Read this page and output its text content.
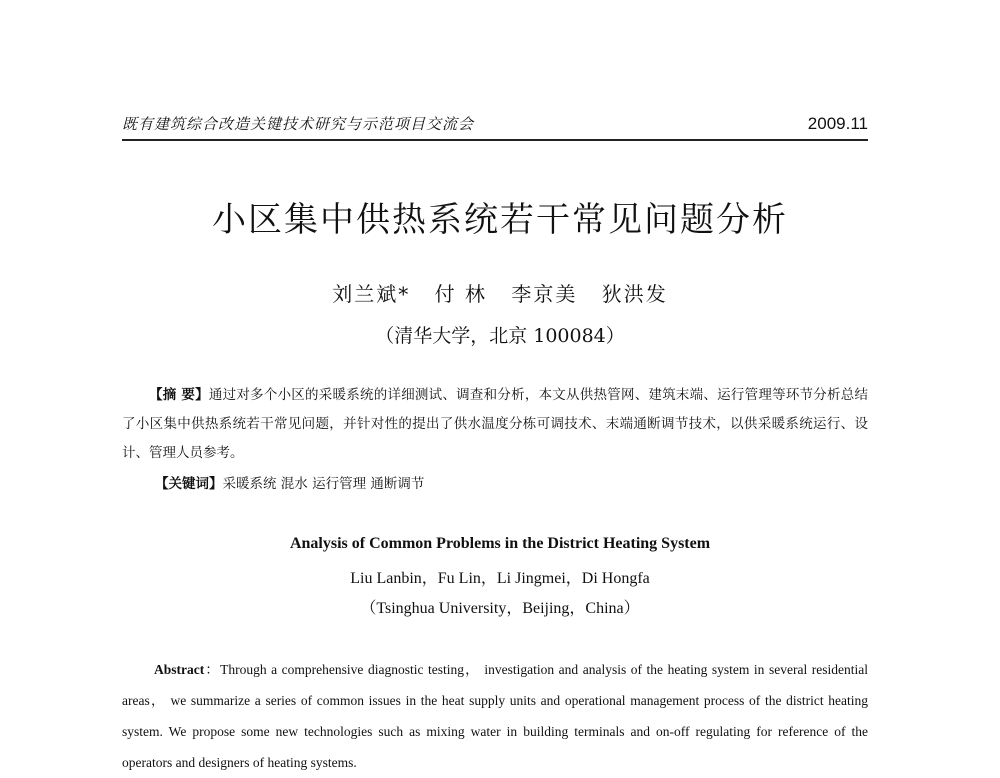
既有建筑综合改造关键技术研究与示范项目交流会	2009.11
小区集中供热系统若干常见问题分析
刘兰斌* 付 林 李京美 狄洪发
（清华大学，北京 100084）
【摘 要】通过对多个小区的采暖系统的详细测试、调查和分析，本文从供热管网、建筑末端、运行管理等环节分析总结了小区集中供热系统若干常见问题，并针对性的提出了供水温度分栋可调技术、末端通断调节技术，以供采暖系统运行、设计、管理人员参考。
【关键词】采暖系统 混水 运行管理 通断调节
Analysis of Common Problems in the District Heating System
Liu Lanbin，Fu Lin，Li Jingmei，Di Hongfa
（Tsinghua University，Beijing，China）
Abstract：Through a comprehensive diagnostic testing， investigation and analysis of the heating system in several residential areas， we summarize a series of common issues in the heat supply units and operational management process of the district heating system. We propose some new technologies such as mixing water in building terminals and on-off regulating for reference of the operators and designers of heating systems.
